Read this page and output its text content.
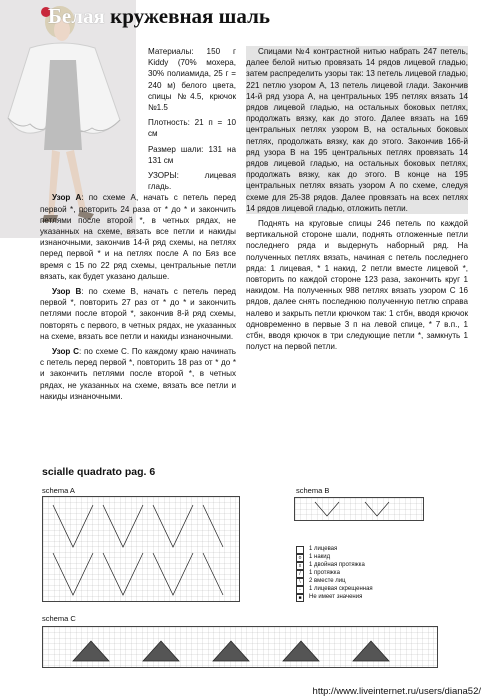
Белая кружевная шаль

Материалы: 150 г Kiddy (70% мохера, 30% полиамида, 25 г = 240 м) белого цвета, спицы №4.5, крючок №1.5

Плотность: 21 п = 10 см

Размер шали: 131 на 131 см

УЗОРЫ: лицевая гладь.

Узор А: по схеме А, начать с петель перед первой *, повторить 24 раза от * до * и закончить петлями после второй *, в четных рядах, не указанных на схеме, вязать все петли и накиды изнаночными, закончив 14-й ряд схемы, на петлях перед первой * и на петлях после А по Бяз все время с 15 по 22 ряд схемы, центральные петли вязать, как будет указано дальше.

Узор В: по схеме В, начать с петель перед первой *, повторить 27 раз от * до * и закончить петлями после второй *, закончив 8-й ряд схемы, повторять с первого, в четных рядах, не указанных на схеме, вязать все петли и накиды изнаночными.

Узор С: по схеме С. По каждому краю начинать с петель перед первой *, повторить 18 раз от * до * и закончить петлями после второй *, в четных рядах, не указанных на схеме, вязать все петли и накиды изнаночными.

Спицами №4 контрастной нитью набрать 247 петель, далее белой нитью провязать 14 рядов лицевой гладью, затем распределить узоры так: 13 петель лицевой гладью, 221 петлю узором А, 13 петель лицевой глади. Закончив 14-й ряд узора А, на центральных 195 петлях вязать 14 рядов лицевой гладью, на остальных боковых петлях, продолжать вязку, как до этого. Далее вязать на 169 центральных петлях узором В, на остальных боковых петлях, продолжать вязку, как до этого. Закончив 166-й ряд узора В на 195 центральных петлях провязать 14 рядов лицевой гладью, на остальных боковых петлях, продолжать вязку, как до этого. В конце на 195 центральных петлях вязать узором А по схеме, следуя схеме для 25-38 рядов. Далее провязать на всех петлях 14 рядов лицевой гладью, отложить петли.

Поднять на круговые спицы 246 петель по каждой вертикальной стороне шали, поднять отложенные петли последнего ряда и выдернуть наборный ряд. На полученных петлях вязать, начиная с петель последнего ряда: 1 лицевая, * 1 накид, 2 петли вместе лицевой *, повторить по каждой стороне 123 раза, закончить круг 1 накидом. На полученных 988 петлях вязать узором С 16 рядов, далее снять последнюю полученную петлю справа налево и закрыть петли крючком так: 1 стбн, вводя крючок одновременно в первые 3 п на левой спице, * 7 в.п., 1 стбн, вводя крючок в три следующие петли *, замкнуть 1 полуст на первой петли.

scialle quadrato pag. 6
schema A	schema B
1 лицевая
o	1 накид
x	1 двойная протяжка
/	1 протяжка
\	2 вместе лиц
-	1 лицевая скрещенная
■	Не имеет значения
schema C
http://www.liveinternet.ru/users/diana52/
